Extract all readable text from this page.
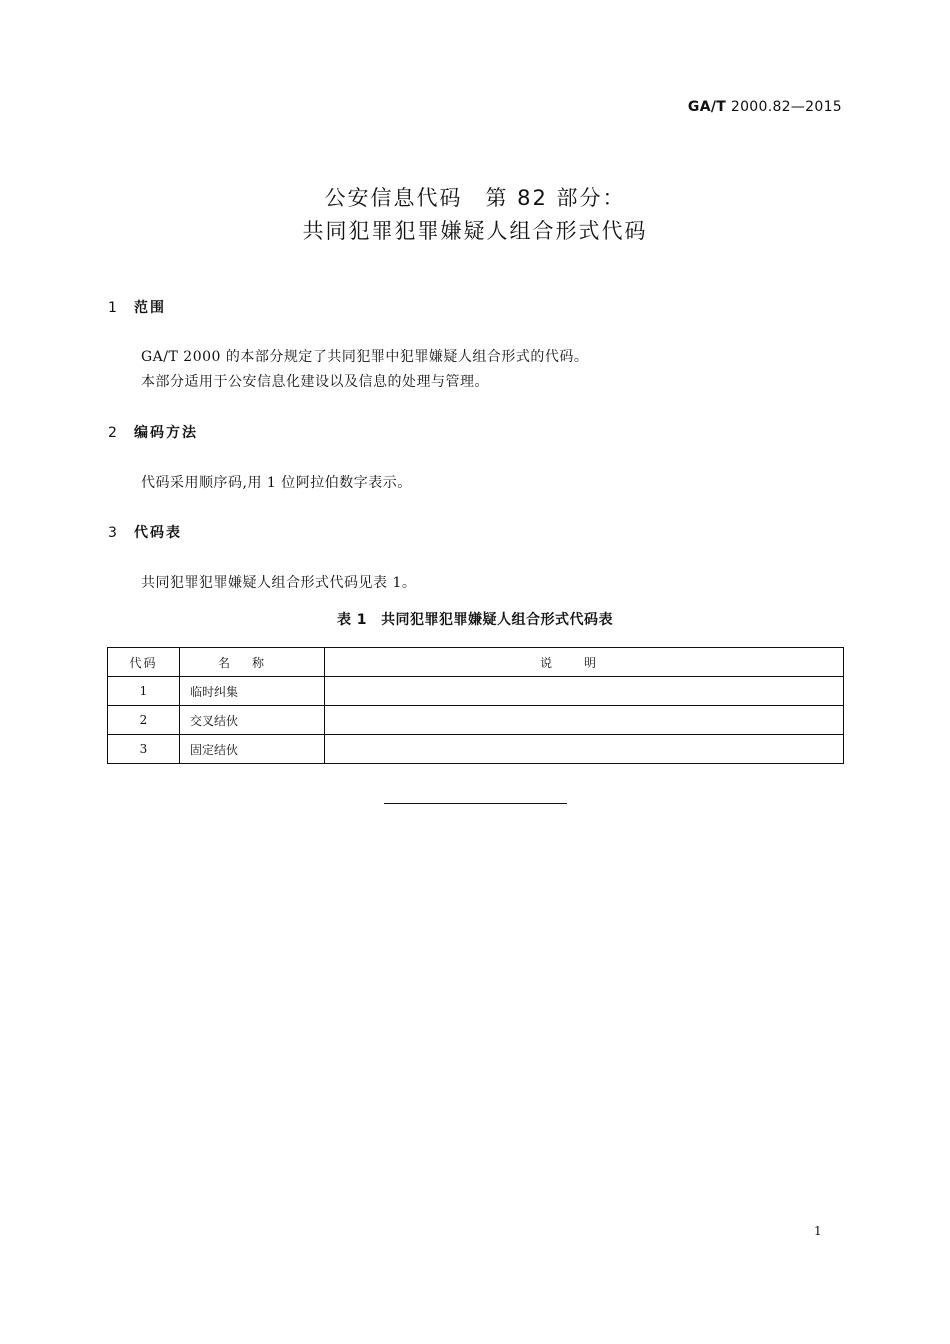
GA/T 2000.82—2015
公安信息代码　第 82 部分：
共同犯罪犯罪嫌疑人组合形式代码
1 范围
GA/T 2000 的本部分规定了共同犯罪中犯罪嫌疑人组合形式的代码。
本部分适用于公安信息化建设以及信息的处理与管理。
2 编码方法
代码采用顺序码,用 1 位阿拉伯数字表示。
3 代码表
共同犯罪犯罪嫌疑人组合形式代码见表 1。
表 1 共同犯罪犯罪嫌疑人组合形式代码表
代码	名称	说明
1	临时纠集	
2	交叉结伙	
3	固定结伙	
1
